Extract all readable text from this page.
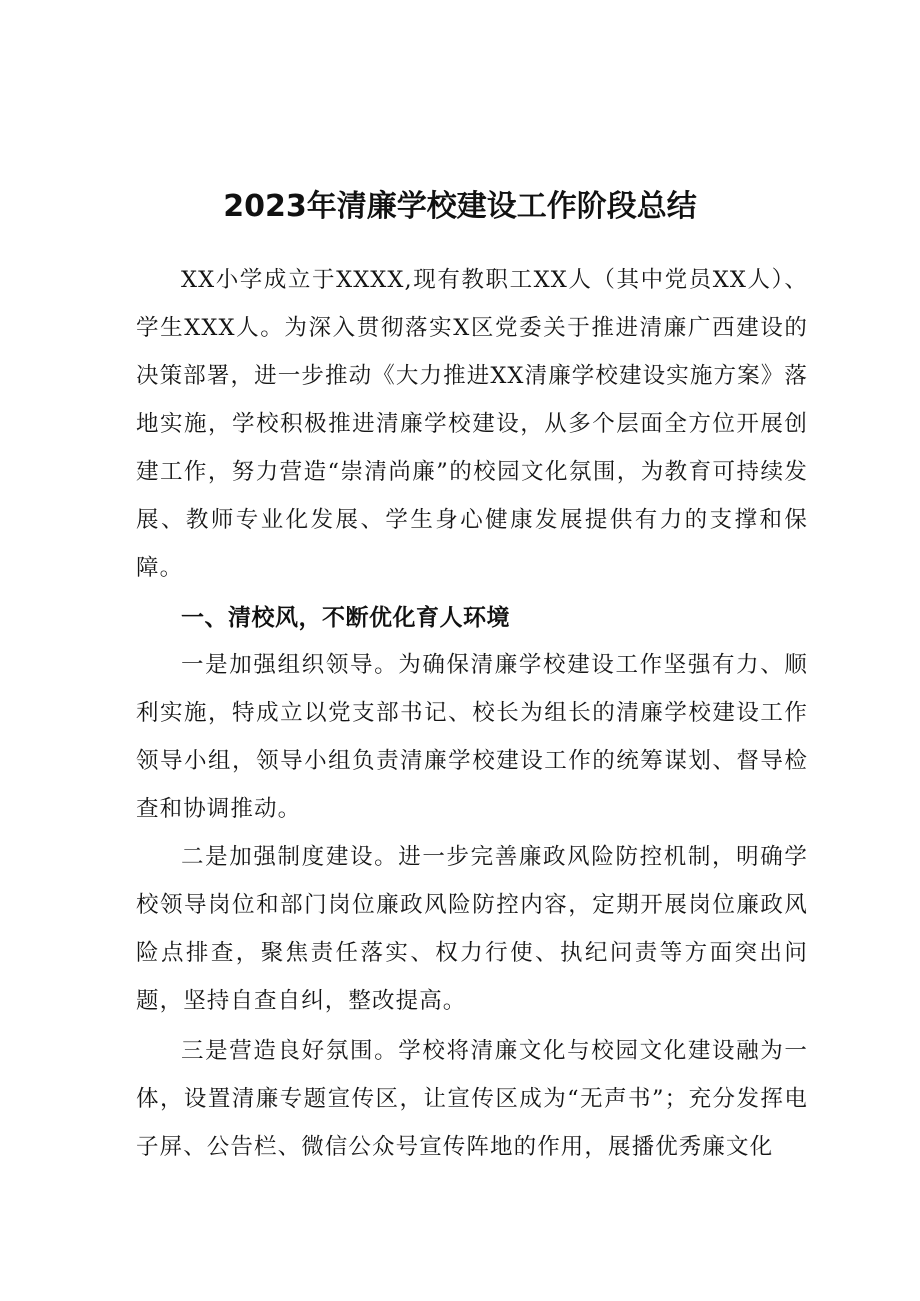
2023年清廉学校建设工作阶段总结

XX小学成立于XXXX,现有教职工XX人（其中党员XX人）、学生XXX人。为深入贯彻落实X区党委关于推进清廉广西建设的决策部署，进一步推动《大力推进XX清廉学校建设实施方案》落地实施，学校积极推进清廉学校建设，从多个层面全方位开展创建工作，努力营造“崇清尚廉”的校园文化氛围，为教育可持续发展、教师专业化发展、学生身心健康发展提供有力的支撑和保障。

一、清校风，不断优化育人环境

一是加强组织领导。为确保清廉学校建设工作坚强有力、顺利实施，特成立以党支部书记、校长为组长的清廉学校建设工作领导小组，领导小组负责清廉学校建设工作的统筹谋划、督导检查和协调推动。

二是加强制度建设。进一步完善廉政风险防控机制，明确学校领导岗位和部门岗位廉政风险防控内容，定期开展岗位廉政风险点排查，聚焦责任落实、权力行使、执纪问责等方面突出问题，坚持自查自纠，整改提高。

三是营造良好氛围。学校将清廉文化与校园文化建设融为一体，设置清廉专题宣传区，让宣传区成为“无声书”；充分发挥电子屏、公告栏、微信公众号宣传阵地的作用，展播优秀廉文化
